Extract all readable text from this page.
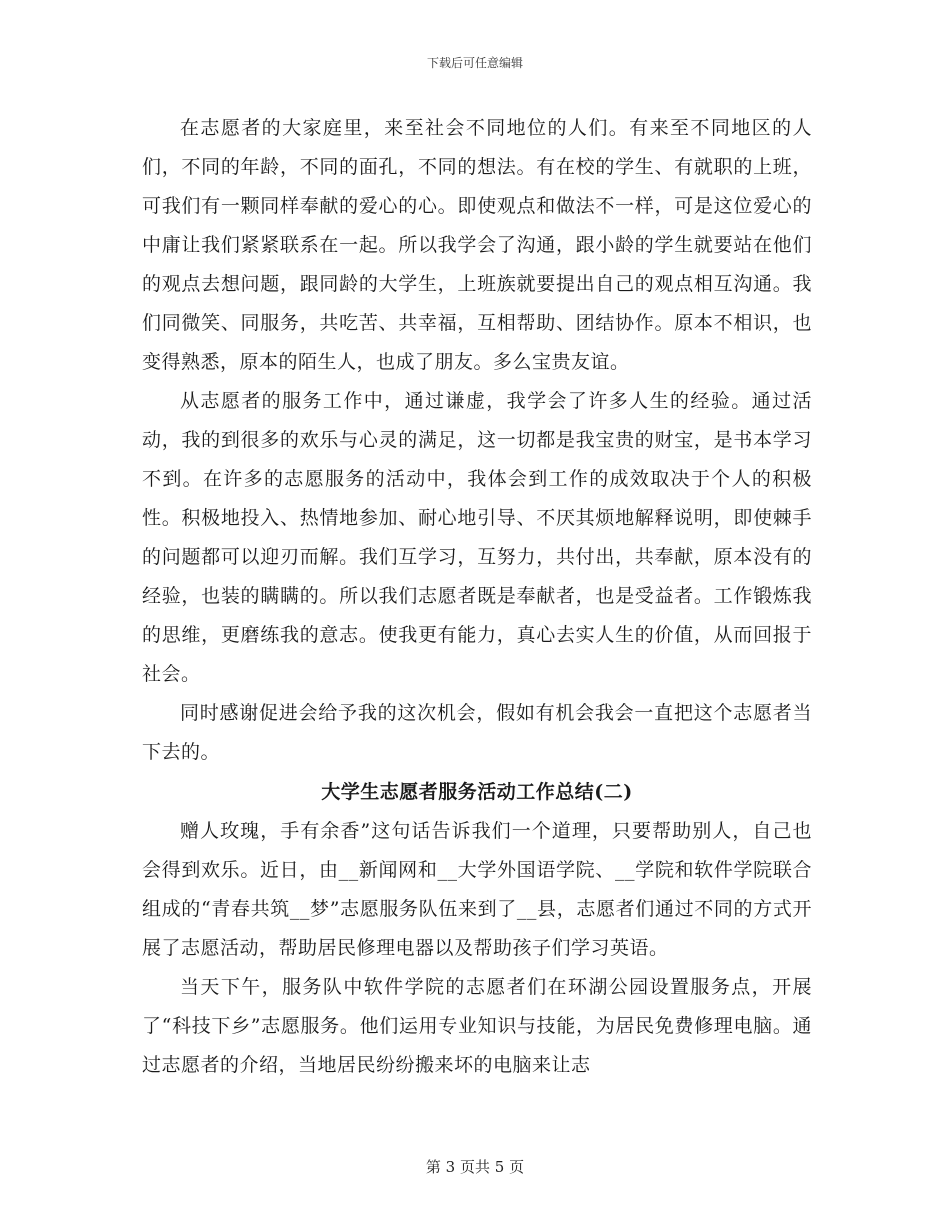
下载后可任意编辑

在志愿者的大家庭里，来至社会不同地位的人们。有来至不同地区的人们，不同的年龄，不同的面孔，不同的想法。有在校的学生、有就职的上班，可我们有一颗同样奉献的爱心的心。即使观点和做法不一样，可是这位爱心的中庸让我们紧紧联系在一起。所以我学会了沟通，跟小龄的学生就要站在他们的观点去想问题，跟同龄的大学生，上班族就要提出自己的观点相互沟通。我们同微笑、同服务，共吃苦、共幸福，互相帮助、团结协作。原本不相识，也变得熟悉，原本的陌生人，也成了朋友。多么宝贵友谊。

从志愿者的服务工作中，通过谦虚，我学会了许多人生的经验。通过活动，我的到很多的欢乐与心灵的满足，这一切都是我宝贵的财宝，是书本学习不到。在许多的志愿服务的活动中，我体会到工作的成效取决于个人的积极性。积极地投入、热情地参加、耐心地引导、不厌其烦地解释说明，即使棘手的问题都可以迎刃而解。我们互学习，互努力，共付出，共奉献，原本没有的经验，也装的瞒瞒的。所以我们志愿者既是奉献者，也是受益者。工作锻炼我的思维，更磨练我的意志。使我更有能力，真心去实人生的价值，从而回报于社会。

同时感谢促进会给予我的这次机会，假如有机会我会一直把这个志愿者当下去的。

大学生志愿者服务活动工作总结(二)

赠人玫瑰，手有余香”这句话告诉我们一个道理，只要帮助别人，自己也会得到欢乐。近日，由__新闻网和__大学外国语学院、__学院和软件学院联合组成的“青春共筑__梦”志愿服务队伍来到了__县，志愿者们通过不同的方式开展了志愿活动，帮助居民修理电器以及帮助孩子们学习英语。

当天下午，服务队中软件学院的志愿者们在环湖公园设置服务点，开展了“科技下乡”志愿服务。他们运用专业知识与技能，为居民免费修理电脑。通过志愿者的介绍，当地居民纷纷搬来坏的电脑来让志

第 3 页共 5 页
